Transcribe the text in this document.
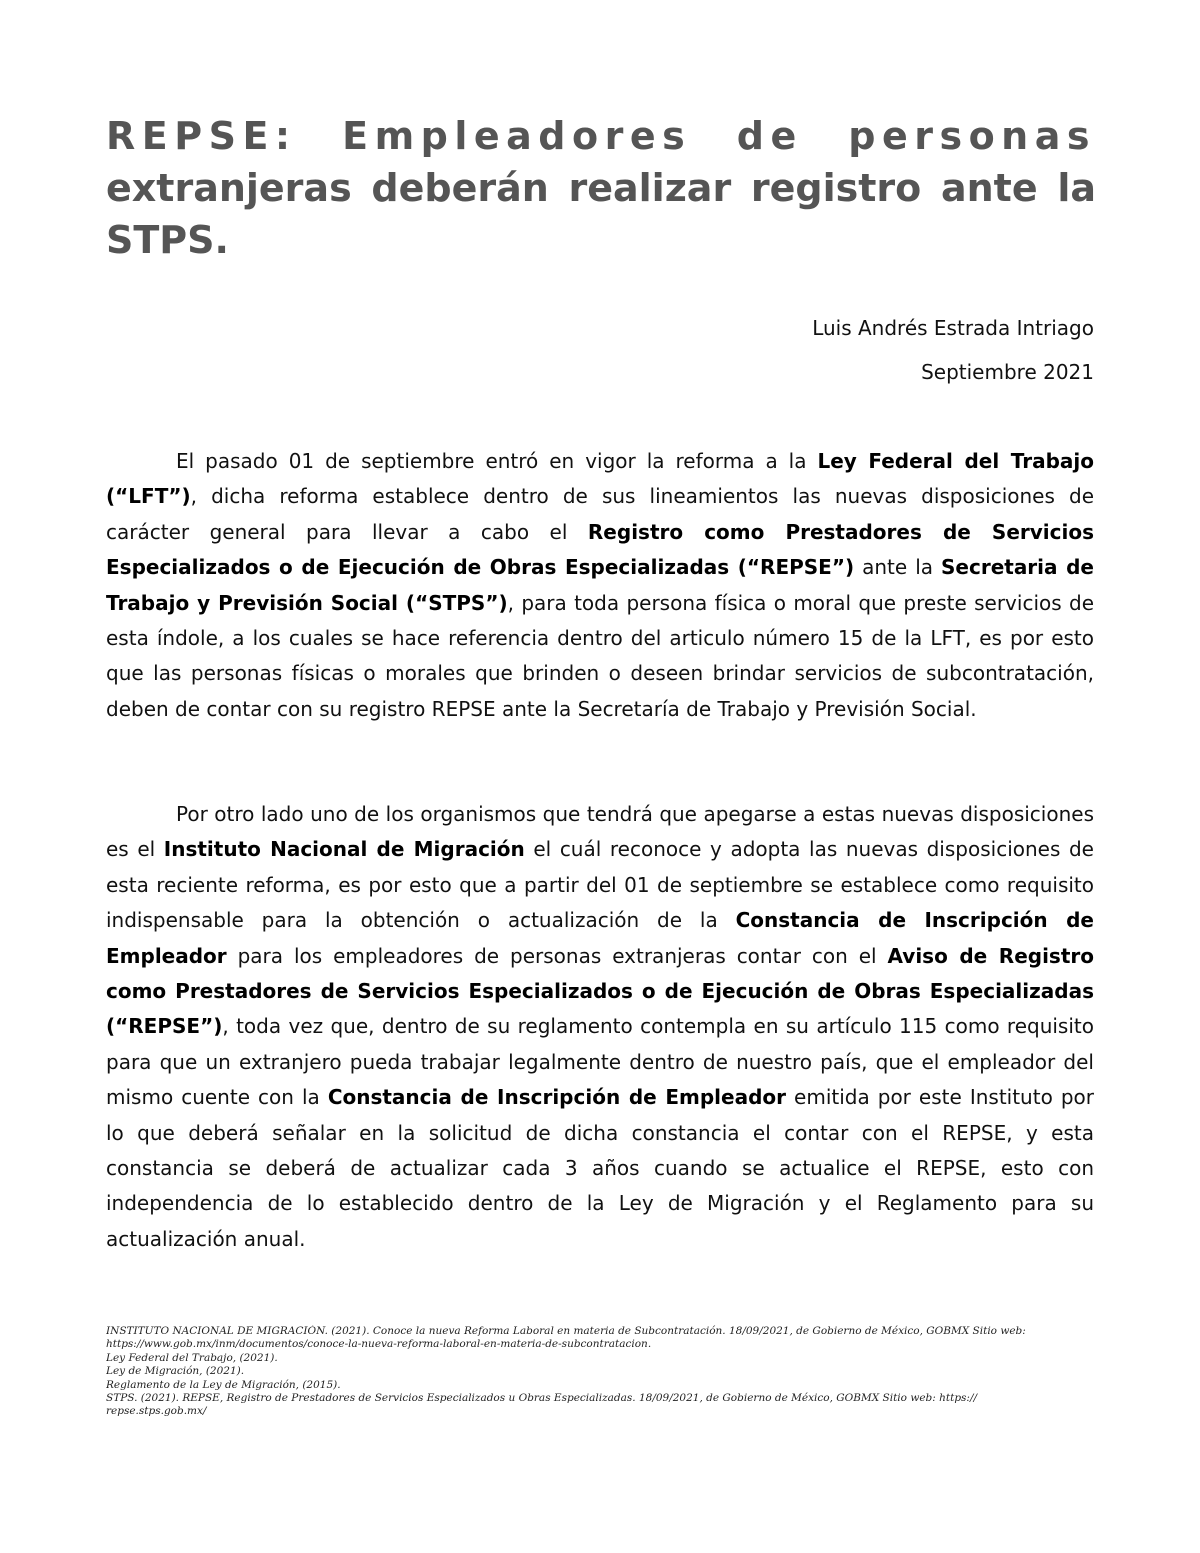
REPSE: Empleadores de personas
extranjeras deberán realizar registro ante la STPS.
Luis Andrés Estrada Intriago
Septiembre 2021

El pasado 01 de septiembre entró en vigor la reforma a la Ley Federal del Trabajo (“LFT”), dicha reforma establece dentro de sus lineamientos las nuevas disposiciones de carácter general para llevar a cabo el Registro como Prestadores de Servicios Especializados o de Ejecución de Obras Especializadas (“REPSE”) ante la Secretaria de Trabajo y Previsión Social (“STPS”), para toda persona física o moral que preste servicios de esta índole, a los cuales se hace referencia dentro del articulo número 15 de la LFT, es por esto que las personas físicas o morales que brinden o deseen brindar servicios de subcontratación, deben de contar con su registro REPSE ante la Secretaría de Trabajo y Previsión Social.

Por otro lado uno de los organismos que tendrá que apegarse a estas nuevas disposiciones es el Instituto Nacional de Migración el cuál reconoce y adopta las nuevas disposiciones de esta reciente reforma, es por esto que a partir del 01 de septiembre se establece como requisito indispensable para la obtención o actualización de la Constancia de Inscripción de Empleador para los empleadores de personas extranjeras contar con el Aviso de Registro como Prestadores de Servicios Especializados o de Ejecución de Obras Especializadas (“REPSE”), toda vez que, dentro de su reglamento contempla en su artículo 115 como requisito para que un extranjero pueda trabajar legalmente dentro de nuestro país, que el empleador del mismo cuente con la Constancia de Inscripción de Empleador emitida por este Instituto por lo que deberá señalar en la solicitud de dicha constancia el contar con el REPSE, y esta constancia se deberá de actualizar cada 3 años cuando se actualice el REPSE, esto con independencia de lo establecido dentro de la Ley de Migración y el Reglamento para su actualización anual.

INSTITUTO NACIONAL DE MIGRACIÓN. (2021). Conoce la nueva Reforma Laboral en materia de Subcontratación. 18/09/2021, de Gobierno de México, GOBMX Sitio web:
https://www.gob.mx/inm/documentos/conoce-la-nueva-reforma-laboral-en-materia-de-subcontratacion.
Ley Federal del Trabajo, (2021).
Ley de Migración, (2021).
Reglamento de la Ley de Migración, (2015).
STPS. (2021). REPSE, Registro de Prestadores de Servicios Especializados u Obras Especializadas. 18/09/2021, de Gobierno de México, GOBMX Sitio web: https://
repse.stps.gob.mx/
